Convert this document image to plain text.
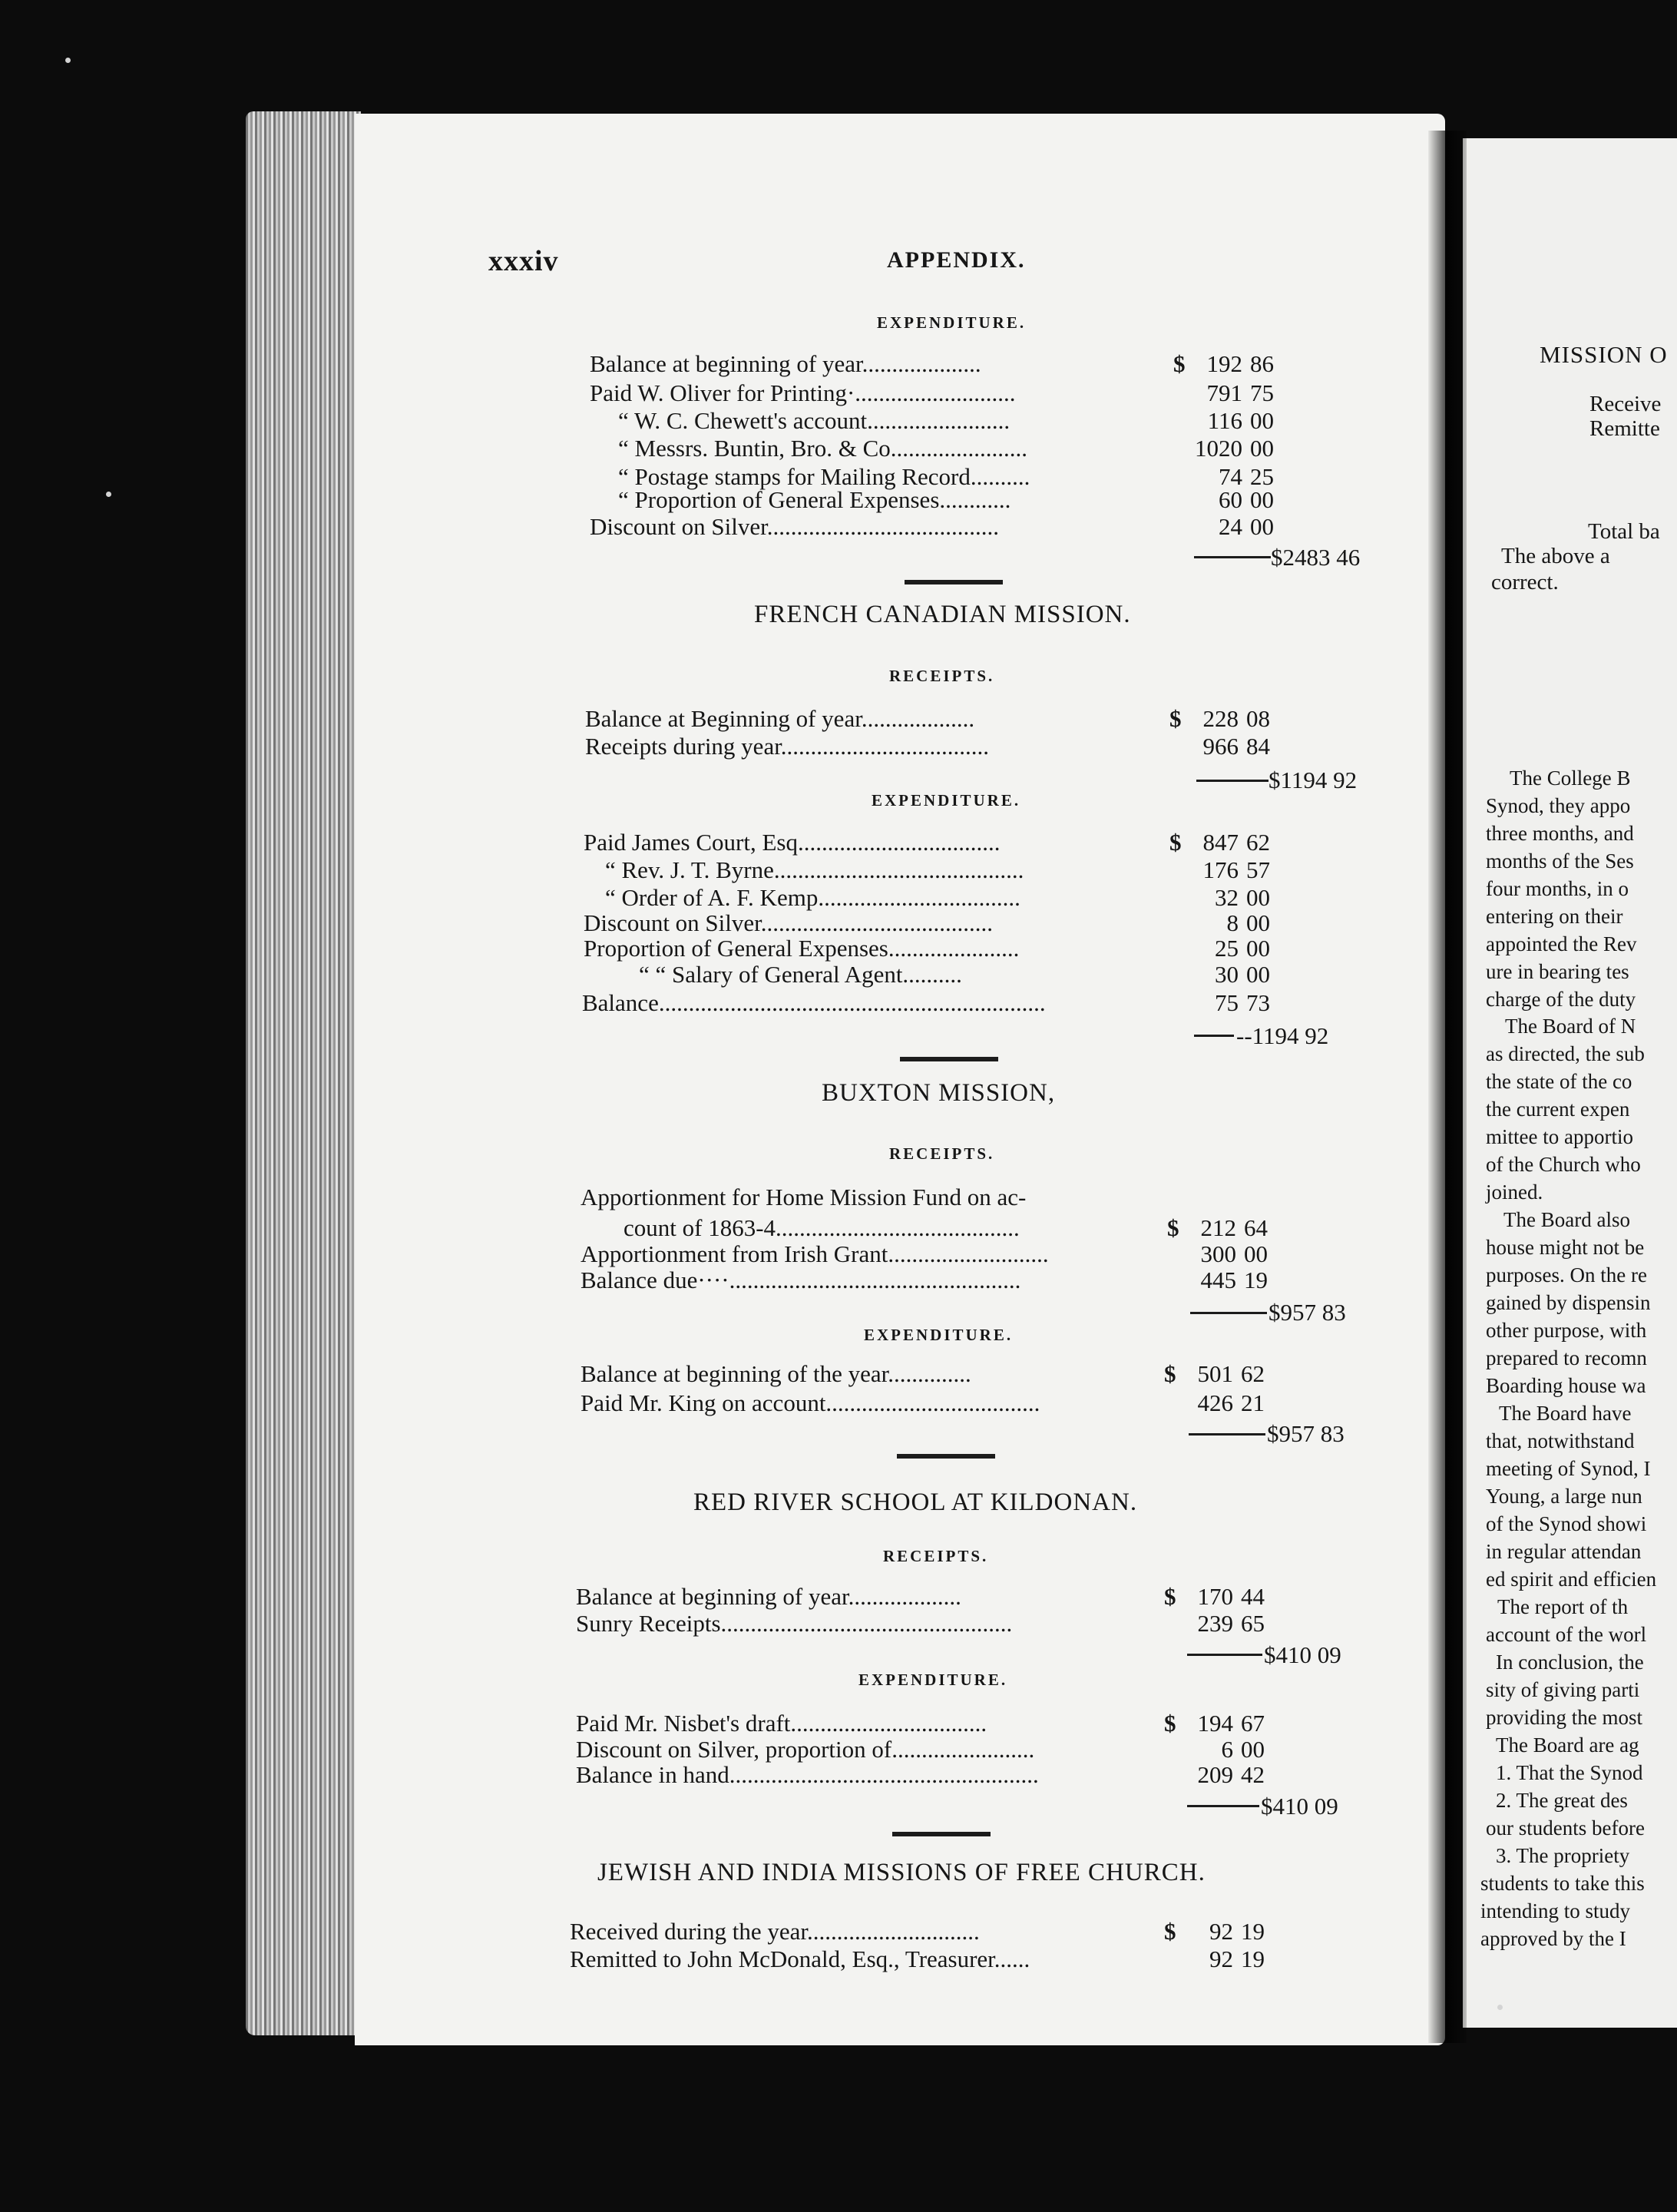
xxxiv	APPENDIX.
EXPENDITURE.
Balance at beginning of year....................	$ 192 86
Paid W. Oliver for Printing·...........................	791 75
“ W. C. Chewett's account........................	116 00
“ Messrs. Buntin, Bro. & Co.......................	1020 00
“ Postage stamps for Mailing Record..........	74 25
“ Proportion of General Expenses............	60 00
Discount on Silver.......................................	24 00
$2483 46
FRENCH CANADIAN MISSION.
RECEIPTS.
Balance at Beginning of year...................	$ 228 08
Receipts during year...................................	966 84
$1194 92
EXPENDITURE.
Paid James Court, Esq..................................	$ 847 62
“ Rev. J. T. Byrne..........................................	176 57
“ Order of A. F. Kemp..................................	32 00
Discount on Silver.......................................	8 00
Proportion of General Expenses......................	25 00
“ “ Salary of General Agent..........	30 00
Balance.................................................................	75 73
--1194 92
BUXTON MISSION,
RECEIPTS.
Apportionment for Home Mission Fund on ac-
count of 1863-4.........................................	$ 212 64
Apportionment from Irish Grant...........................	300 00
Balance due····.................................................	445 19
$957 83
EXPENDITURE.
Balance at beginning of the year..............	$ 501 62
Paid Mr. King on account....................................	426 21
$957 83
RED RIVER SCHOOL AT KILDONAN.
RECEIPTS.
Balance at beginning of year...................	$ 170 44
Sunry Receipts.................................................	239 65
$410 09
EXPENDITURE.
Paid Mr. Nisbet's draft.................................	$ 194 67
Discount on Silver, proportion of........................	6 00
Balance in hand....................................................	209 42
$410 09
JEWISH AND INDIA MISSIONS OF FREE CHURCH.
Received during the year.............................	$	92 19
Remitted to John McDonald, Esq., Treasurer......	92 19
MISSION O
Receive
Remitte
Total ba
The above a
correct.
The College B
Synod, they appo
three months, and
months of the Ses
four months, in o
entering on their
appointed the Rev
ure in bearing tes
charge of the duty
The Board of N
as directed, the sub
the state of the co
the current expen
mittee to apportio
of the Church who
joined.
The Board also
house might not be
purposes. On the re
gained by dispensin
other purpose, with
prepared to recomn
Boarding house wa
The Board have
that, notwithstand
meeting of Synod, I
Young, a large nun
of the Synod showi
in regular attendan
ed spirit and efficien
The report of th
account of the worl
In conclusion, the
sity of giving parti
providing the most
The Board are ag
1. That the Synod
2. The great des
our students before
3. The propriety
students to take this
intending to study
approved by the I
